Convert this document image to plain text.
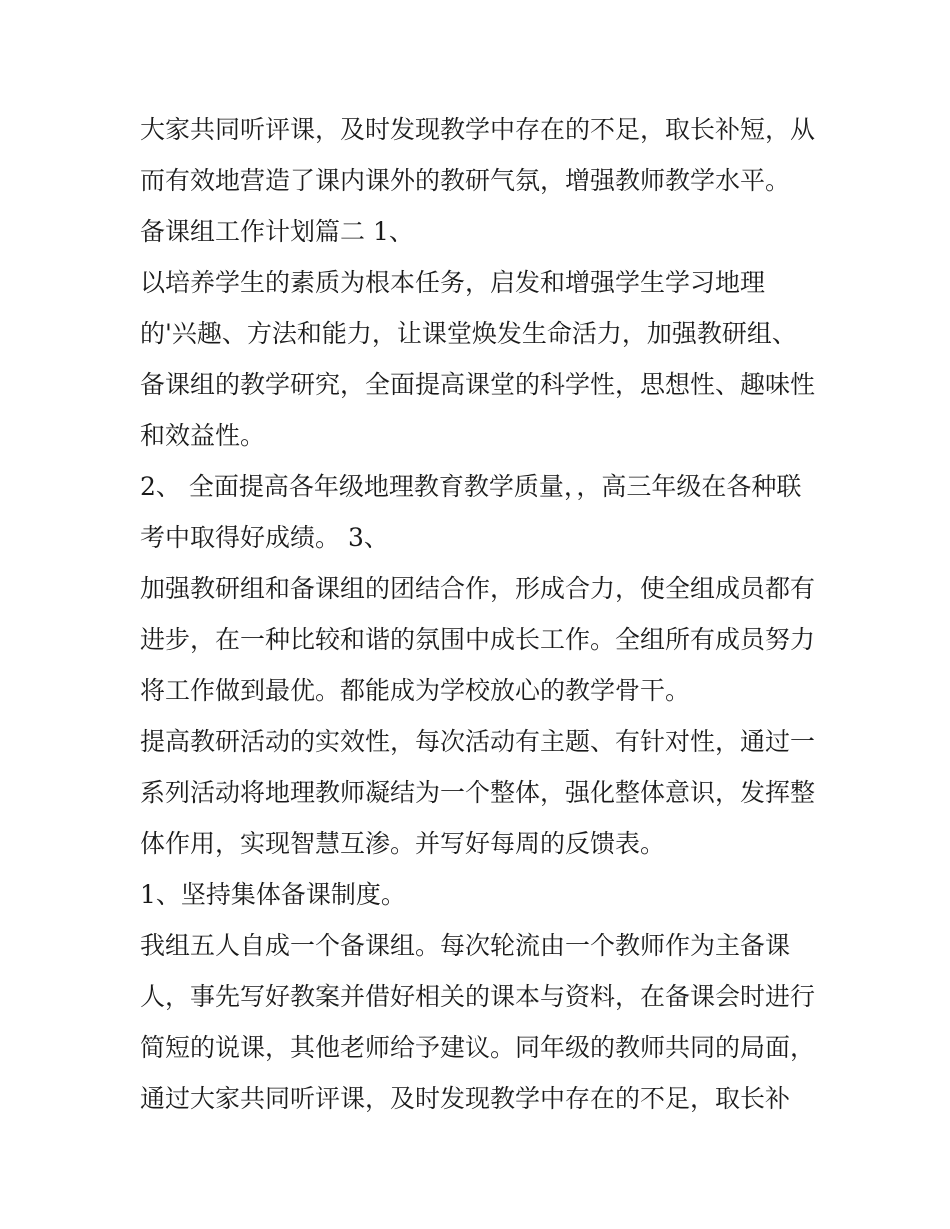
大家共同听评课，及时发现教学中存在的不足，取长补短，从
而有效地营造了课内课外的教研气氛，增强教师教学水平。
备课组工作计划篇二 1、
以培养学生的素质为根本任务，启发和增强学生学习地理
的'兴趣、方法和能力，让课堂焕发生命活力，加强教研组、
备课组的教学研究，全面提高课堂的科学性，思想性、趣味性
和效益性。
2、 全面提高各年级地理教育教学质量，，高三年级在各种联
考中取得好成绩。 3、
加强教研组和备课组的团结合作，形成合力，使全组成员都有
进步，在一种比较和谐的氛围中成长工作。全组所有成员努力
将工作做到最优。都能成为学校放心的教学骨干。
提高教研活动的实效性，每次活动有主题、有针对性，通过一
系列活动将地理教师凝结为一个整体，强化整体意识，发挥整
体作用，实现智慧互渗。并写好每周的反馈表。
1、坚持集体备课制度。
我组五人自成一个备课组。每次轮流由一个教师作为主备课
人，事先写好教案并借好相关的课本与资料，在备课会时进行
简短的说课，其他老师给予建议。同年级的教师共同的局面，
通过大家共同听评课，及时发现教学中存在的不足，取长补
